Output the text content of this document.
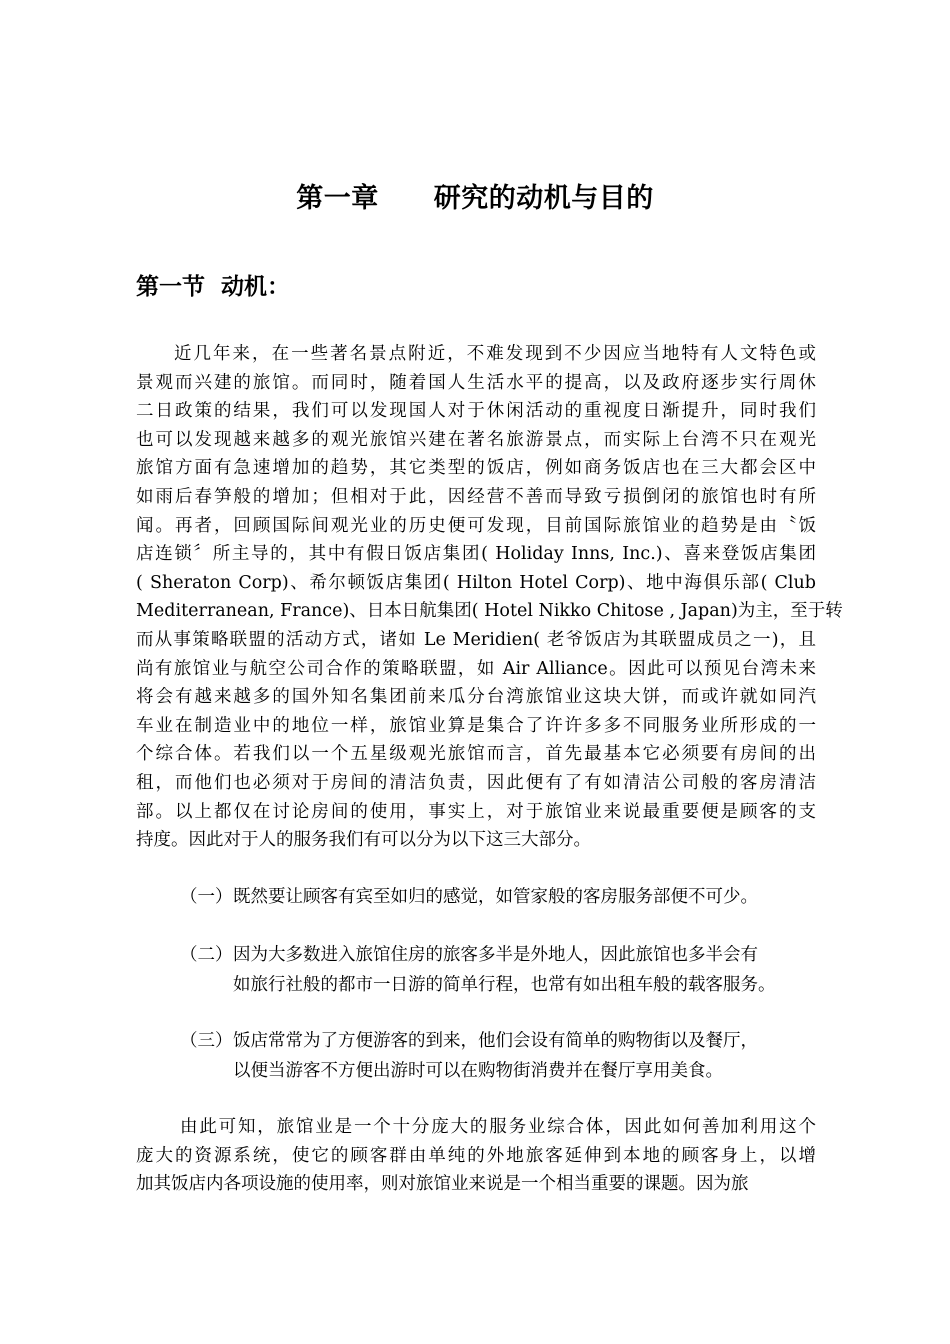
第一章　　研究的动机与目的
第一节  动机：
近几年来，在一些著名景点附近，不难发现到不少因应当地特有人文特色或
景观而兴建的旅馆。而同时，随着国人生活水平的提高，以及政府逐步实行周休
二日政策的结果，我们可以发现国人对于休闲活动的重视度日渐提升，同时我们
也可以发现越来越多的观光旅馆兴建在著名旅游景点，而实际上台湾不只在观光
旅馆方面有急速增加的趋势，其它类型的饭店，例如商务饭店也在三大都会区中
如雨后春笋般的增加；但相对于此，因经营不善而导致亏损倒闭的旅馆也时有所
闻。再者，回顾国际间观光业的历史便可发现，目前国际旅馆业的趋势是由〝饭
店连锁〞所主导的，其中有假日饭店集团( Holiday Inns, Inc.)、喜来登饭店集团
( Sheraton Corp)、希尔顿饭店集团( Hilton Hotel Corp)、地中海俱乐部( Club
Mediterranean, France)、日本日航集团( Hotel Nikko Chitose , Japan)为主，至于转
而从事策略联盟的活动方式，诸如 Le Meridien( 老爷饭店为其联盟成员之一)，且
尚有旅馆业与航空公司合作的策略联盟，如 Air Alliance。因此可以预见台湾未来
将会有越来越多的国外知名集团前来瓜分台湾旅馆业这块大饼，而或许就如同汽
车业在制造业中的地位一样，旅馆业算是集合了许许多多不同服务业所形成的一
个综合体。若我们以一个五星级观光旅馆而言，首先最基本它必须要有房间的出
租，而他们也必须对于房间的清洁负责，因此便有了有如清洁公司般的客房清洁
部。以上都仅在讨论房间的使用，事实上，对于旅馆业来说最重要便是顾客的支
持度。因此对于人的服务我们有可以分为以下这三大部分。
（一）既然要让顾客有宾至如归的感觉，如管家般的客房服务部便不可少。
（二）因为大多数进入旅馆住房的旅客多半是外地人，因此旅馆也多半会有
如旅行社般的都市一日游的简单行程，也常有如出租车般的载客服务。
（三）饭店常常为了方便游客的到来，他们会设有简单的购物街以及餐厅，
以便当游客不方便出游时可以在购物街消费并在餐厅享用美食。
由此可知，旅馆业是一个十分庞大的服务业综合体，因此如何善加利用这个
庞大的资源系统，使它的顾客群由单纯的外地旅客延伸到本地的顾客身上，以增
加其饭店内各项设施的使用率，则对旅馆业来说是一个相当重要的课题。因为旅
